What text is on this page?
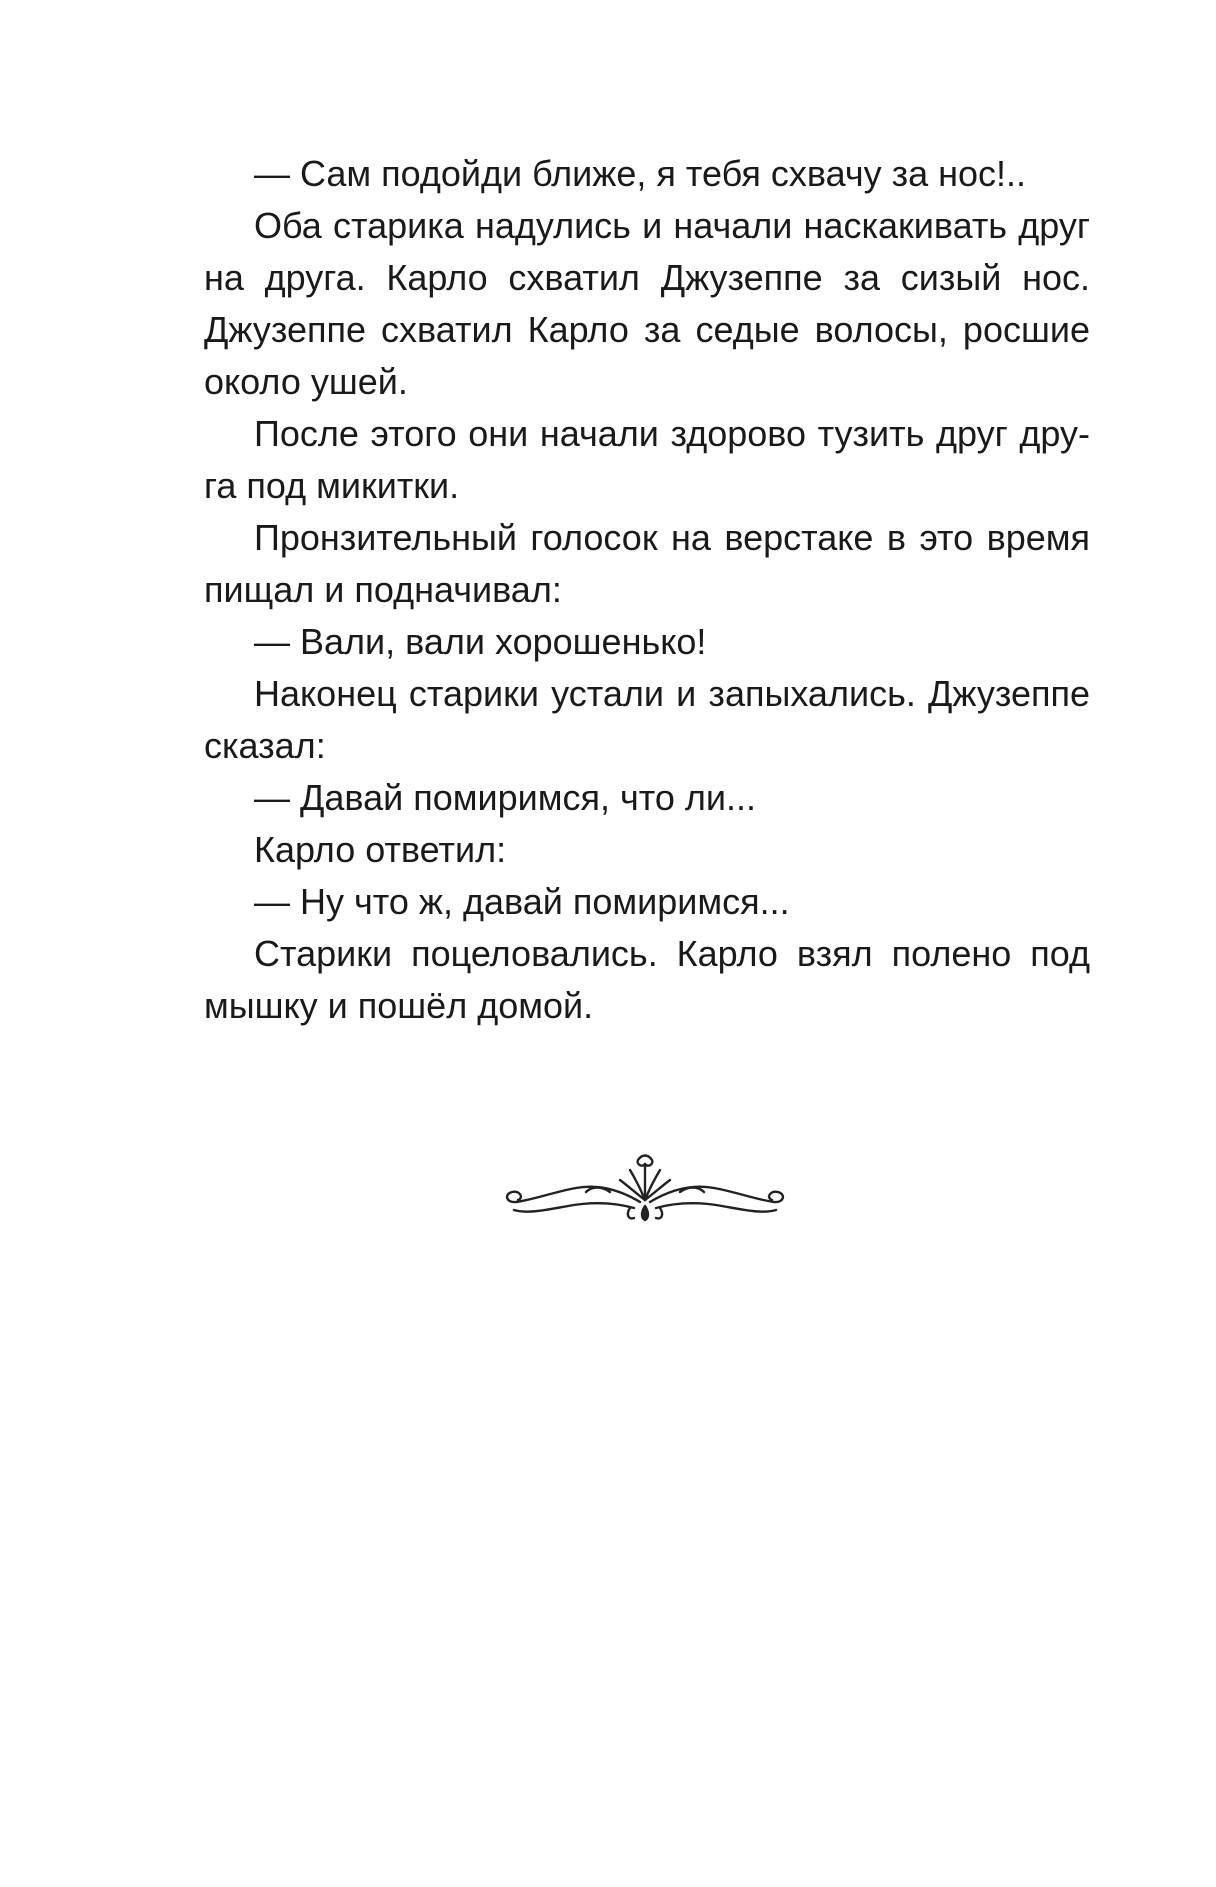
— Сам подойди ближе, я тебя схвачу за нос!..
Оба старика надулись и начали наскакивать друг
на друга. Карло схватил Джузеппе за сизый нос.
Джузеппе схватил Карло за седые волосы, росшие
около ушей.
После этого они начали здорово тузить друг дру-
га под микитки.
Пронзительный голосок на верстаке в это время
пищал и подначивал:
— Вали, вали хорошенько!
Наконец старики устали и запыхались. Джузеппе
сказал:
— Давай помиримся, что ли...
Карло ответил:
— Ну что ж, давай помиримся...
Старики поцеловались. Карло взял полено под
мышку и пошёл домой.
